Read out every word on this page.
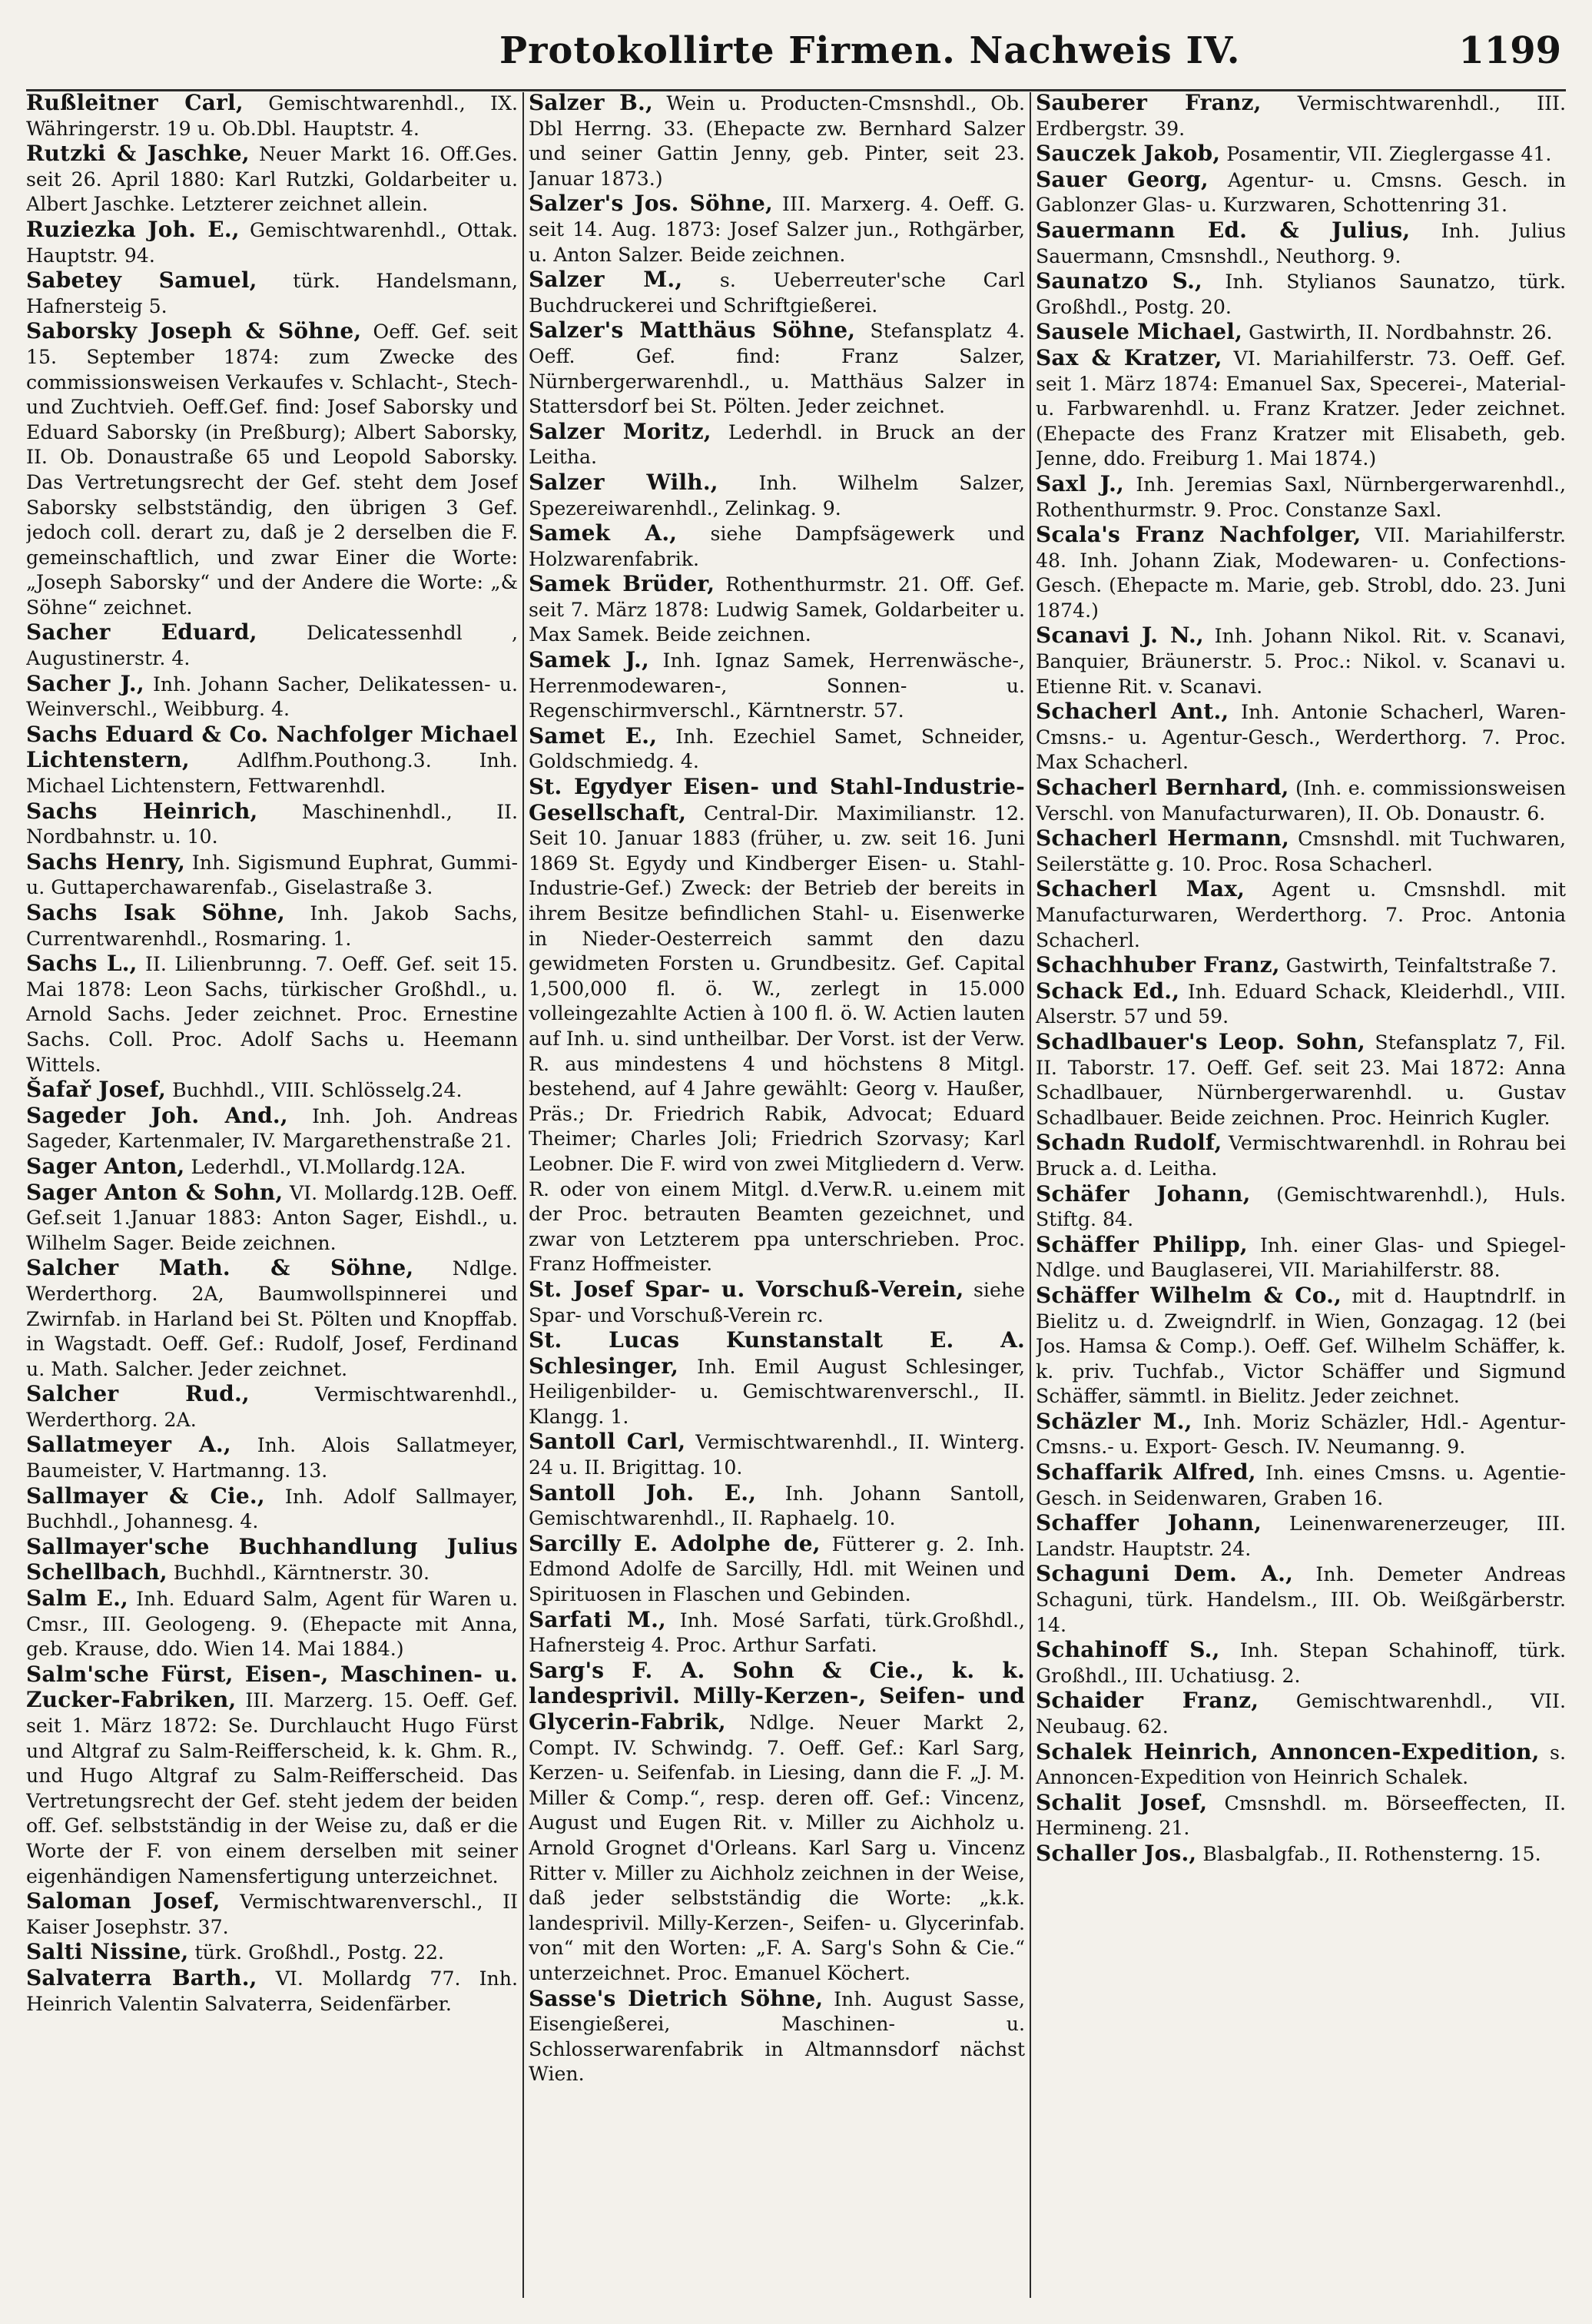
Protokollirte Firmen. Nachweis IV.	1199
Rußleitner Carl, Gemischtwarenhdl., IX. Währingerstr. 19 u. Ob.Dbl. Hauptstr. 4.
Rutzki & Jaschke, Neuer Markt 16. Off.Ges. seit 26. April 1880: Karl Rutzki, Goldarbeiter u. Albert Jaschke. Letzterer zeichnet allein.
Ruziezka Joh. E., Gemischtwarenhdl., Ottak. Hauptstr. 94.
Sabetey Samuel, türk. Handelsmann, Hafnersteig 5.
Saborsky Joseph & Söhne, Oeff. Gef. seit 15. September 1874: zum Zwecke des commissionsweisen Verkaufes v. Schlacht-, Stech- und Zuchtvieh. Oeff.Gef. find: Josef Saborsky und Eduard Saborsky (in Preßburg); Albert Saborsky, II. Ob. Donaustraße 65 und Leopold Saborsky. Das Vertretungsrecht der Gef. steht dem Josef Saborsky selbstständig, den übrigen 3 Gef. jedoch coll. derart zu, daß je 2 derselben die F. gemeinschaftlich, und zwar Einer die Worte: „Joseph Saborsky“ und der Andere die Worte: „& Söhne“ zeichnet.
Sacher Eduard, Delicatessenhdl , Augustinerstr. 4.
Sacher J., Inh. Johann Sacher, Delikatessen- u. Weinverschl., Weibburg. 4.
Sachs Eduard & Co. Nachfolger Michael Lichtenstern, Adlfhm.Pouthong.3. Inh. Michael Lichtenstern, Fettwarenhdl.
Sachs Heinrich, Maschinenhdl., II. Nordbahnstr. u. 10.
Sachs Henry, Inh. Sigismund Euphrat, Gummi- u. Guttaperchawarenfab., Giselastraße 3.
Sachs Isak Söhne, Inh. Jakob Sachs, Currentwarenhdl., Rosmaring. 1.
Sachs L., II. Lilienbrunng. 7. Oeff. Gef. seit 15. Mai 1878: Leon Sachs, türkischer Großhdl., u. Arnold Sachs. Jeder zeichnet. Proc. Ernestine Sachs. Coll. Proc. Adolf Sachs u. Heemann Wittels.
Šafař Josef, Buchhdl., VIII. Schlösselg.24.
Sageder Joh. And., Inh. Joh. Andreas Sageder, Kartenmaler, IV. Margarethenstraße 21.
Sager Anton, Lederhdl., VI.Mollardg.12A.
Sager Anton & Sohn, VI. Mollardg.12B. Oeff. Gef.seit 1.Januar 1883: Anton Sager, Eishdl., u. Wilhelm Sager. Beide zeichnen.
Salcher Math. & Söhne, Ndlge. Werderthorg. 2A, Baumwollspinnerei und Zwirnfab. in Harland bei St. Pölten und Knopffab. in Wagstadt. Oeff. Gef.: Rudolf, Josef, Ferdinand u. Math. Salcher. Jeder zeichnet.
Salcher Rud., Vermischtwarenhdl., Werderthorg. 2A.
Sallatmeyer A., Inh. Alois Sallatmeyer, Baumeister, V. Hartmanng. 13.
Sallmayer & Cie., Inh. Adolf Sallmayer, Buchhdl., Johannesg. 4.
Sallmayer'sche Buchhandlung Julius Schellbach, Buchhdl., Kärntnerstr. 30.
Salm E., Inh. Eduard Salm, Agent für Waren u. Cmsr., III. Geologeng. 9. (Ehepacte mit Anna, geb. Krause, ddo. Wien 14. Mai 1884.)
Salm'sche Fürst, Eisen-, Maschinen- u. Zucker-Fabriken, III. Marzerg. 15. Oeff. Gef. seit 1. März 1872: Se. Durchlaucht Hugo Fürst und Altgraf zu Salm-Reifferscheid, k. k. Ghm. R., und Hugo Altgraf zu Salm-Reifferscheid. Das Vertretungsrecht der Gef. steht jedem der beiden off. Gef. selbstständig in der Weise zu, daß er die Worte der F. von einem derselben mit seiner eigenhändigen Namensfertigung unterzeichnet.
Saloman Josef, Vermischtwarenverschl., II Kaiser Josephstr. 37.
Salti Nissine, türk. Großhdl., Postg. 22.
Salvaterra Barth., VI. Mollardg 77. Inh. Heinrich Valentin Salvaterra, Seidenfärber.
Salzer B., Wein u. Producten-Cmsnshdl., Ob. Dbl Herrng. 33. (Ehepacte zw. Bernhard Salzer und seiner Gattin Jenny, geb. Pinter, seit 23. Januar 1873.)
Salzer's Jos. Söhne, III. Marxerg. 4. Oeff. G. seit 14. Aug. 1873: Josef Salzer jun., Rothgärber, u. Anton Salzer. Beide zeichnen.
Salzer M., s. Ueberreuter'sche Carl Buchdruckerei und Schriftgießerei.
Salzer's Matthäus Söhne, Stefansplatz 4. Oeff. Gef. find: Franz Salzer, Nürnbergerwarenhdl., u. Matthäus Salzer in Stattersdorf bei St. Pölten. Jeder zeichnet.
Salzer Moritz, Lederhdl. in Bruck an der Leitha.
Salzer Wilh., Inh. Wilhelm Salzer, Spezereiwarenhdl., Zelinkag. 9.
Samek A., siehe Dampfsägewerk und Holzwarenfabrik.
Samek Brüder, Rothenthurmstr. 21. Off. Gef. seit 7. März 1878: Ludwig Samek, Goldarbeiter u. Max Samek. Beide zeichnen.
Samek J., Inh. Ignaz Samek, Herrenwäsche-, Herrenmodewaren-, Sonnen- u. Regenschirmverschl., Kärntnerstr. 57.
Samet E., Inh. Ezechiel Samet, Schneider, Goldschmiedg. 4.
St. Egydyer Eisen- und Stahl-Industrie-Gesellschaft, Central-Dir. Maximilianstr. 12. Seit 10. Januar 1883 (früher, u. zw. seit 16. Juni 1869 St. Egydy und Kindberger Eisen- u. Stahl-Industrie-Gef.) Zweck: der Betrieb der bereits in ihrem Besitze befindlichen Stahl- u. Eisenwerke in Nieder-Oesterreich sammt den dazu gewidmeten Forsten u. Grundbesitz. Gef. Capital 1,500,000 fl. ö. W., zerlegt in 15.000 volleingezahlte Actien à 100 fl. ö. W. Actien lauten auf Inh. u. sind untheilbar. Der Vorst. ist der Verw. R. aus mindestens 4 und höchstens 8 Mitgl. bestehend, auf 4 Jahre gewählt: Georg v. Haußer, Präs.; Dr. Friedrich Rabik, Advocat; Eduard Theimer; Charles Joli; Friedrich Szorvasy; Karl Leobner. Die F. wird von zwei Mitgliedern d. Verw. R. oder von einem Mitgl. d.Verw.R. u.einem mit der Proc. betrauten Beamten gezeichnet, und zwar von Letzterem ppa unterschrieben. Proc. Franz Hoffmeister.
St. Josef Spar- u. Vorschuß-Verein, siehe Spar- und Vorschuß-Verein rc.
St. Lucas Kunstanstalt E. A. Schlesinger, Inh. Emil August Schlesinger, Heiligenbilder- u. Gemischtwarenverschl., II. Klangg. 1.
Santoll Carl, Vermischtwarenhdl., II. Winterg. 24 u. II. Brigittag. 10.
Santoll Joh. E., Inh. Johann Santoll, Gemischtwarenhdl., II. Raphaelg. 10.
Sarcilly E. Adolphe de, Fütterer g. 2. Inh. Edmond Adolfe de Sarcilly, Hdl. mit Weinen und Spirituosen in Flaschen und Gebinden.
Sarfati M., Inh. Mosé Sarfati, türk.Großhdl., Hafnersteig 4. Proc. Arthur Sarfati.
Sarg's F. A. Sohn & Cie., k. k. landesprivil. Milly-Kerzen-, Seifen- und Glycerin-Fabrik, Ndlge. Neuer Markt 2, Compt. IV. Schwindg. 7. Oeff. Gef.: Karl Sarg, Kerzen- u. Seifenfab. in Liesing, dann die F. „J. M. Miller & Comp.“, resp. deren off. Gef.: Vincenz, August und Eugen Rit. v. Miller zu Aichholz u. Arnold Grognet d'Orleans. Karl Sarg u. Vincenz Ritter v. Miller zu Aichholz zeichnen in der Weise, daß jeder selbstständig die Worte: „k.k. landesprivil. Milly-Kerzen-, Seifen- u. Glycerinfab. von“ mit den Worten: „F. A. Sarg's Sohn & Cie.“ unterzeichnet. Proc. Emanuel Köchert.
Sasse's Dietrich Söhne, Inh. August Sasse, Eisengießerei, Maschinen- u. Schlosserwarenfabrik in Altmannsdorf nächst Wien.
Sauberer Franz, Vermischtwarenhdl., III. Erdbergstr. 39.
Sauczek Jakob, Posamentir, VII. Zieglergasse 41.
Sauer Georg, Agentur- u. Cmsns. Gesch. in Gablonzer Glas- u. Kurzwaren, Schottenring 31.
Sauermann Ed. & Julius, Inh. Julius Sauermann, Cmsnshdl., Neuthorg. 9.
Saunatzo S., Inh. Stylianos Saunatzo, türk. Großhdl., Postg. 20.
Sausele Michael, Gastwirth, II. Nordbahnstr. 26.
Sax & Kratzer, VI. Mariahilferstr. 73. Oeff. Gef. seit 1. März 1874: Emanuel Sax, Specerei-, Material- u. Farbwarenhdl. u. Franz Kratzer. Jeder zeichnet. (Ehepacte des Franz Kratzer mit Elisabeth, geb. Jenne, ddo. Freiburg 1. Mai 1874.)
Saxl J., Inh. Jeremias Saxl, Nürnbergerwarenhdl., Rothenthurmstr. 9. Proc. Constanze Saxl.
Scala's Franz Nachfolger, VII. Mariahilferstr. 48. Inh. Johann Ziak, Modewaren- u. Confections-Gesch. (Ehepacte m. Marie, geb. Strobl, ddo. 23. Juni 1874.)
Scanavi J. N., Inh. Johann Nikol. Rit. v. Scanavi, Banquier, Bräunerstr. 5. Proc.: Nikol. v. Scanavi u. Etienne Rit. v. Scanavi.
Schacherl Ant., Inh. Antonie Schacherl, Waren-Cmsns.- u. Agentur-Gesch., Werderthorg. 7. Proc. Max Schacherl.
Schacherl Bernhard, (Inh. e. commissionsweisen Verschl. von Manufacturwaren), II. Ob. Donaustr. 6.
Schacherl Hermann, Cmsnshdl. mit Tuchwaren, Seilerstätte g. 10. Proc. Rosa Schacherl.
Schacherl Max, Agent u. Cmsnshdl. mit Manufacturwaren, Werderthorg. 7. Proc. Antonia Schacherl.
Schachhuber Franz, Gastwirth, Teinfaltstraße 7.
Schack Ed., Inh. Eduard Schack, Kleiderhdl., VIII. Alserstr. 57 und 59.
Schadlbauer's Leop. Sohn, Stefansplatz 7, Fil. II. Taborstr. 17. Oeff. Gef. seit 23. Mai 1872: Anna Schadlbauer, Nürnbergerwarenhdl. u. Gustav Schadlbauer. Beide zeichnen. Proc. Heinrich Kugler.
Schadn Rudolf, Vermischtwarenhdl. in Rohrau bei Bruck a. d. Leitha.
Schäfer Johann, (Gemischtwarenhdl.), Huls. Stiftg. 84.
Schäffer Philipp, Inh. einer Glas- und Spiegel-Ndlge. und Bauglaserei, VII. Mariahilferstr. 88.
Schäffer Wilhelm & Co., mit d. Hauptndrlf. in Bielitz u. d. Zweigndrlf. in Wien, Gonzagag. 12 (bei Jos. Hamsa & Comp.). Oeff. Gef. Wilhelm Schäffer, k. k. priv. Tuchfab., Victor Schäffer und Sigmund Schäffer, sämmtl. in Bielitz. Jeder zeichnet.
Schäzler M., Inh. Moriz Schäzler, Hdl.- Agentur- Cmsns.- u. Export- Gesch. IV. Neumanng. 9.
Schaffarik Alfred, Inh. eines Cmsns. u. Agentie-Gesch. in Seidenwaren, Graben 16.
Schaffer Johann, Leinenwarenerzeuger, III. Landstr. Hauptstr. 24.
Schaguni Dem. A., Inh. Demeter Andreas Schaguni, türk. Handelsm., III. Ob. Weißgärberstr. 14.
Schahinoff S., Inh. Stepan Schahinoff, türk. Großhdl., III. Uchatiusg. 2.
Schaider Franz, Gemischtwarenhdl., VII. Neubaug. 62.
Schalek Heinrich, Annoncen-Expedition, s. Annoncen-Expedition von Heinrich Schalek.
Schalit Josef, Cmsnshdl. m. Börseeffecten, II. Hermineng. 21.
Schaller Jos., Blasbalgfab., II. Rothensterng. 15.
